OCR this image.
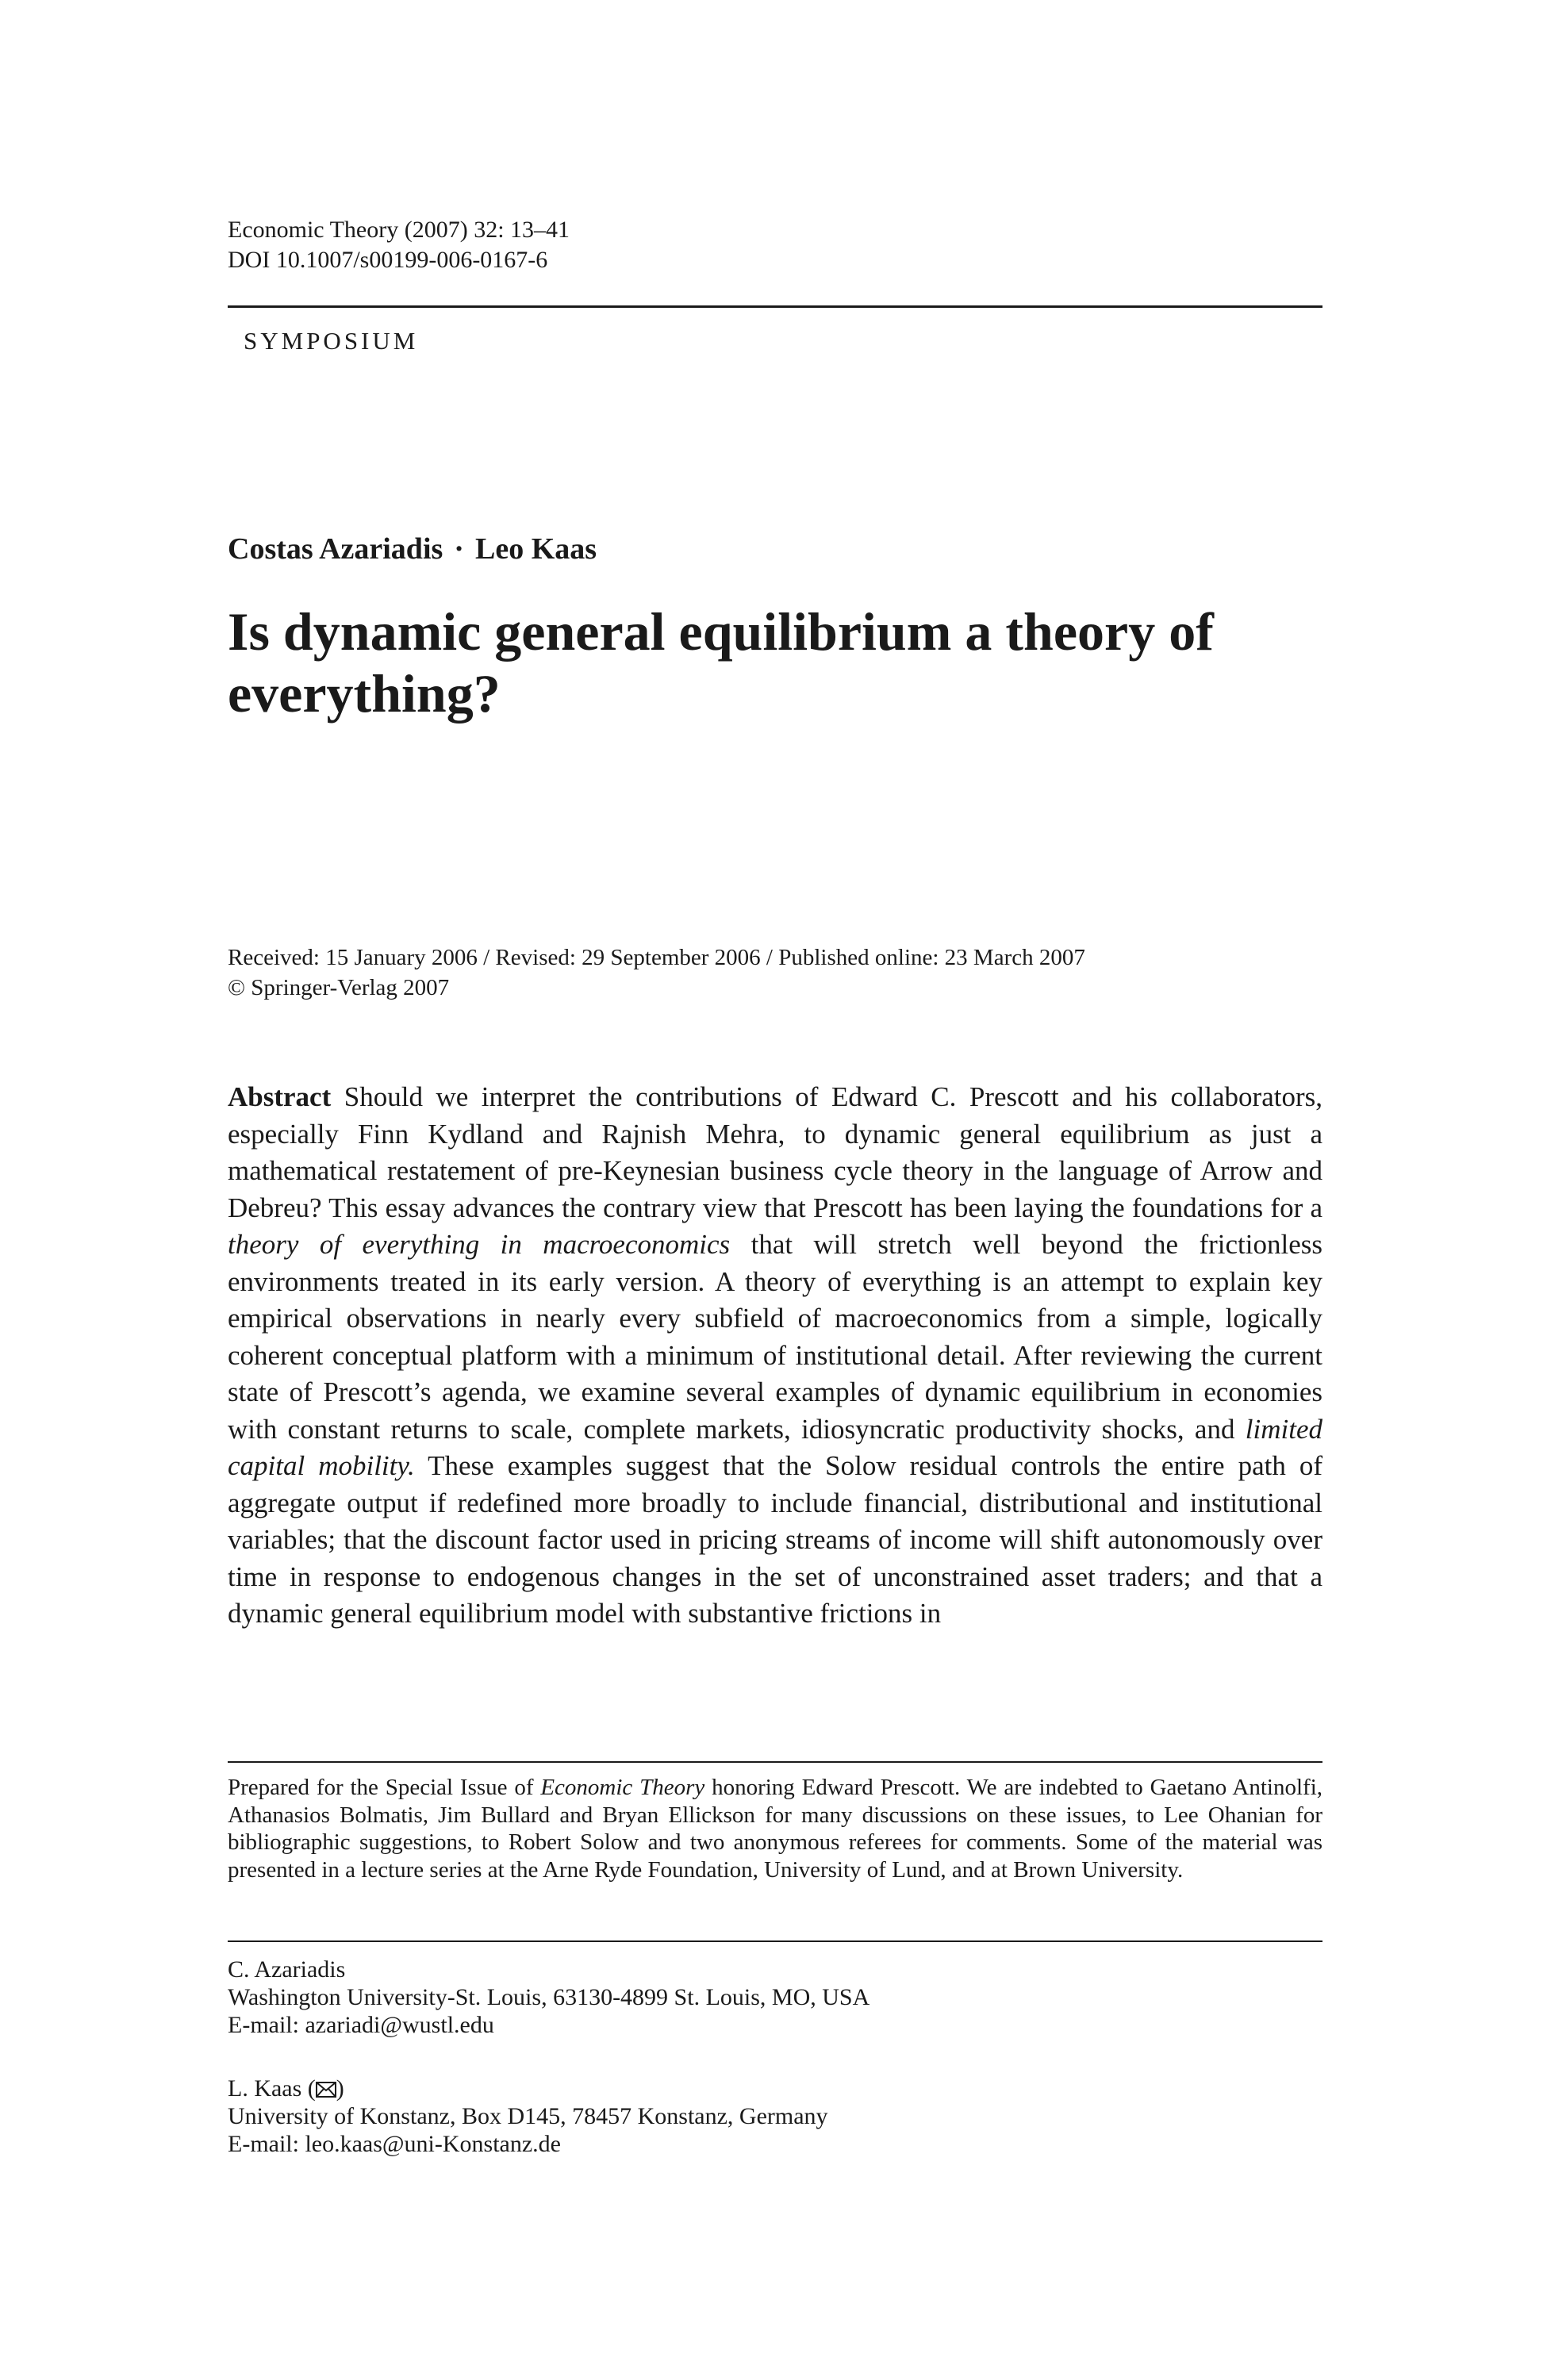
Economic Theory (2007) 32: 13–41
DOI 10.1007/s00199-006-0167-6
SYMPOSIUM
Costas Azariadis · Leo Kaas
Is dynamic general equilibrium a theory of everything?
Received: 15 January 2006 / Revised: 29 September 2006 / Published online: 23 March 2007
© Springer-Verlag 2007

Abstract Should we interpret the contributions of Edward C. Prescott and his collaborators, especially Finn Kydland and Rajnish Mehra, to dynamic general equilibrium as just a mathematical restatement of pre-Keynesian business cycle theory in the language of Arrow and Debreu? This essay advances the contrary view that Prescott has been laying the foundations for a theory of everything in macroeconomics that will stretch well beyond the frictionless environments treated in its early version. A theory of everything is an attempt to explain key empirical observations in nearly every subfield of macroeconomics from a simple, logically coherent conceptual platform with a minimum of institutional detail. After reviewing the current state of Prescott’s agenda, we examine several examples of dynamic equilibrium in economies with constant returns to scale, complete markets, idiosyncratic productivity shocks, and limited capital mobility. These examples suggest that the Solow residual controls the entire path of aggregate output if redefined more broadly to include financial, distributional and institutional variables; that the discount factor used in pricing streams of income will shift autonomously over time in response to endogenous changes in the set of unconstrained asset traders; and that a dynamic general equilibrium model with substantive frictions in

Prepared for the Special Issue of Economic Theory honoring Edward Prescott. We are indebted to Gaetano Antinolfi, Athanasios Bolmatis, Jim Bullard and Bryan Ellickson for many discussions on these issues, to Lee Ohanian for bibliographic suggestions, to Robert Solow and two anonymous referees for comments. Some of the material was presented in a lecture series at the Arne Ryde Foundation, University of Lund, and at Brown University.

C. Azariadis
Washington University-St. Louis, 63130-4899 St. Louis, MO, USA
E-mail: azariadi@wustl.edu
L. Kaas ( )
University of Konstanz, Box D145, 78457 Konstanz, Germany
E-mail: leo.kaas@uni-Konstanz.de
